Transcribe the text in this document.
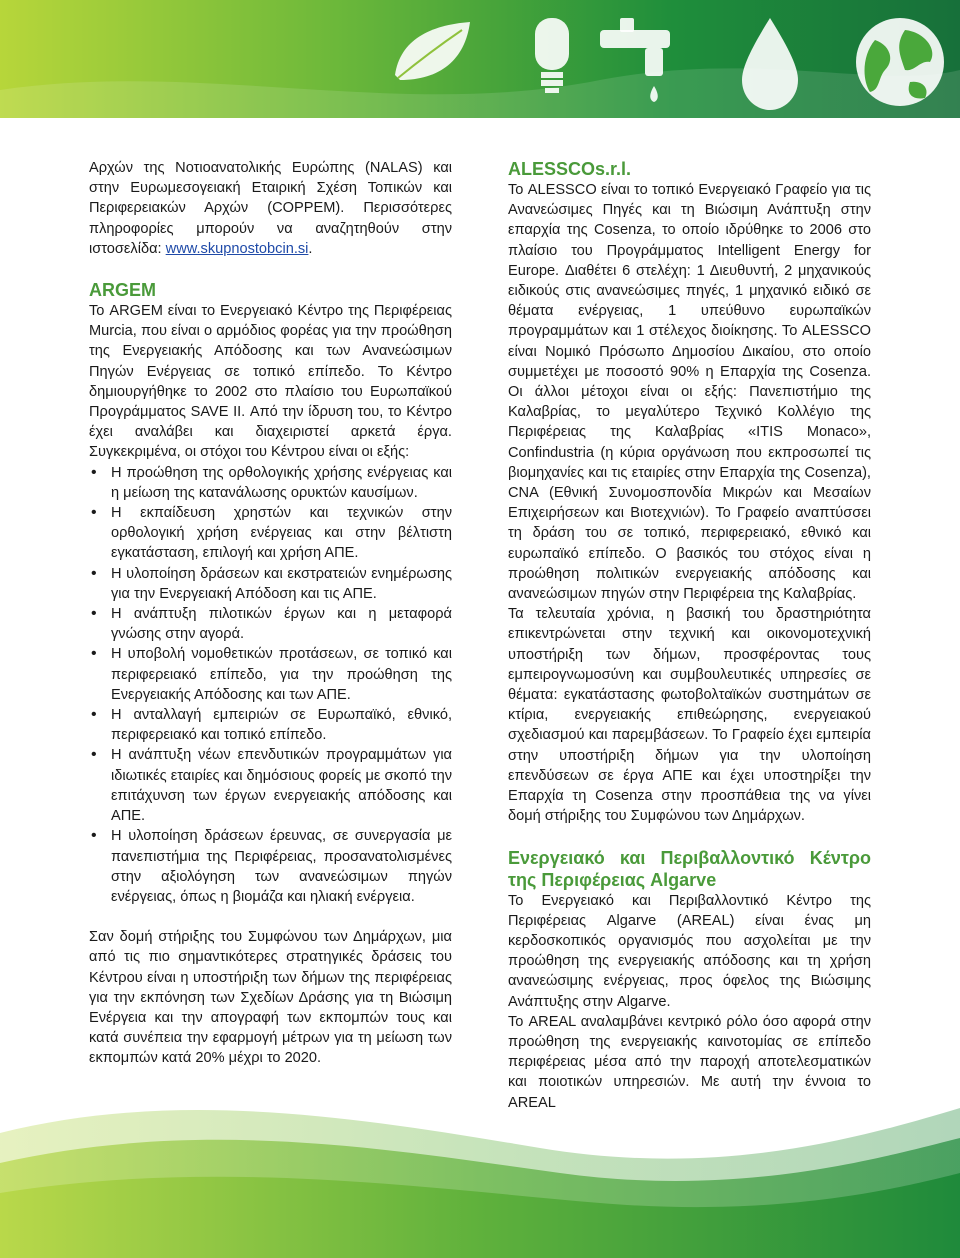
Αρχών της Νοτιοανατολικής Ευρώπης (NALAS) και στην Ευρωμεσογειακή Εταιρική Σχέση Τοπικών και Περιφερειακών Αρχών (COPPEM). Περισσότερες πληροφορίες μπορούν να αναζητηθούν στην ιστοσελίδα: www.skupnostobcin.si.

ARGEM

Το ARGEM είναι το Ενεργειακό Κέντρο της Περιφέρειας Murcia, που είναι ο αρμόδιος φορέας για την προώθηση της Ενεργειακής Απόδοσης και των Ανανεώσιμων Πηγών Ενέργειας σε τοπικό επίπεδο. Το Κέντρο δημιουργήθηκε το 2002 στο πλαίσιο του Ευρωπαϊκού Προγράμματος SAVE II. Από την ίδρυση του, το Κέντρο έχει αναλάβει και διαχειριστεί αρκετά έργα. Συγκεκριμένα, οι στόχοι του Κέντρου είναι οι εξής:

• Η προώθηση της ορθολογικής χρήσης ενέργειας και η μείωση της κατανάλωσης ορυκτών καυσίμων.
• Η εκπαίδευση χρηστών και τεχνικών στην ορθολογική χρήση ενέργειας και στην βέλτιστη εγκατάσταση, επιλογή και χρήση ΑΠΕ.
• Η υλοποίηση δράσεων και εκστρατειών ενημέρωσης για την Ενεργειακή Απόδοση και τις ΑΠΕ.
• Η ανάπτυξη πιλοτικών έργων και η μεταφορά γνώσης στην αγορά.
• Η υποβολή νομοθετικών προτάσεων, σε τοπικό και περιφερειακό επίπεδο, για την προώθηση της Ενεργειακής Απόδοσης και των ΑΠΕ.
• Η ανταλλαγή εμπειριών σε Ευρωπαϊκό, εθνικό, περιφερειακό και τοπικό επίπεδο.
• Η ανάπτυξη νέων επενδυτικών προγραμμάτων για ιδιωτικές εταιρίες και δημόσιους φορείς με σκοπό την επιτάχυνση των έργων ενεργειακής απόδοσης και ΑΠΕ.
• Η υλοποίηση δράσεων έρευνας, σε συνεργασία με πανεπιστήμια της Περιφέρειας, προσανατολισμένες στην αξιολόγηση των ανανεώσιμων πηγών ενέργειας, όπως η βιομάζα και ηλιακή ενέργεια.

Σαν δομή στήριξης του Συμφώνου των Δημάρχων, μια από τις πιο σημαντικότερες στρατηγικές δράσεις του Κέντρου είναι η υποστήριξη των δήμων της περιφέρειας για την εκπόνηση των Σχεδίων Δράσης για τη Βιώσιμη Ενέργεια και την απογραφή των εκπομπών τους και κατά συνέπεια την εφαρμογή μέτρων για τη μείωση των εκπομπών κατά 20% μέχρι το 2020.

ALESSCOs.r.l.

Το ALESSCO είναι το τοπικό Ενεργειακό Γραφείο για τις Ανανεώσιμες Πηγές και τη Βιώσιμη Ανάπτυξη στην επαρχία της Cosenza, το οποίο ιδρύθηκε το 2006 στο πλαίσιο του Προγράμματος Intelligent Energy for Europe. Διαθέτει 6 στελέχη: 1 Διευθυντή, 2 μηχανικούς ειδικούς στις ανανεώσιμες πηγές, 1 μηχανικό ειδικό σε θέματα ενέργειας, 1 υπεύθυνο ευρωπαϊκών προγραμμάτων και 1 στέλεχος διοίκησης. Το ALESSCO είναι Νομικό Πρόσωπο Δημοσίου Δικαίου, στο οποίο συμμετέχει με ποσοστό 90% η Επαρχία της Cosenza. Οι άλλοι μέτοχοι είναι οι εξής: Πανεπιστήμιο της Καλαβρίας, το μεγαλύτερο Τεχνικό Κολλέγιο της Περιφέρειας της Καλαβρίας «ITIS Monaco», Confindustria (η κύρια οργάνωση που εκπροσωπεί τις βιομηχανίες και τις εταιρίες στην Επαρχία της Cosenza), CNA (Εθνική Συνομοσπονδία Μικρών και Μεσαίων Επιχειρήσεων και Βιοτεχνιών). Το Γραφείο αναπτύσσει τη δράση του σε τοπικό, περιφερειακό, εθνικό και ευρωπαϊκό επίπεδο. Ο βασικός του στόχος είναι η προώθηση πολιτικών ενεργειακής απόδοσης και ανανεώσιμων πηγών στην Περιφέρεια της Καλαβρίας.

Τα τελευταία χρόνια, η βασική του δραστηριότητα επικεντρώνεται στην τεχνική και οικονομοτεχνική υποστήριξη των δήμων, προσφέροντας τους εμπειρογνωμοσύνη και συμβουλευτικές υπηρεσίες σε θέματα: εγκατάστασης φωτοβολταϊκών συστημάτων σε κτίρια, ενεργειακής επιθεώρησης, ενεργειακού σχεδιασμού και παρεμβάσεων. Το Γραφείο έχει εμπειρία στην υποστήριξη δήμων για την υλοποίηση επενδύσεων σε έργα ΑΠΕ και έχει υποστηρίξει την Επαρχία τη Cosenza στην προσπάθεια της να γίνει δομή στήριξης του Συμφώνου των Δημάρχων.

Ενεργειακό και Περιβαλλοντικό Κέντρο της Περιφέρειας Algarve

Το Ενεργειακό και Περιβαλλοντικό Κέντρο της Περιφέρειας Algarve (AREAL) είναι ένας μη κερδοσκοπικός οργανισμός που ασχολείται με την προώθηση της ενεργειακής απόδοσης και τη χρήση ανανεώσιμης ενέργειας, προς όφελος της Βιώσιμης Ανάπτυξης στην Algarve.

Το AREAL αναλαμβάνει κεντρικό ρόλο όσο αφορά στην προώθηση της ενεργειακής καινοτομίας σε επίπεδο περιφέρειας μέσα από την παροχή αποτελεσματικών και ποιοτικών υπηρεσιών. Με αυτή την έννοια το AREAL
